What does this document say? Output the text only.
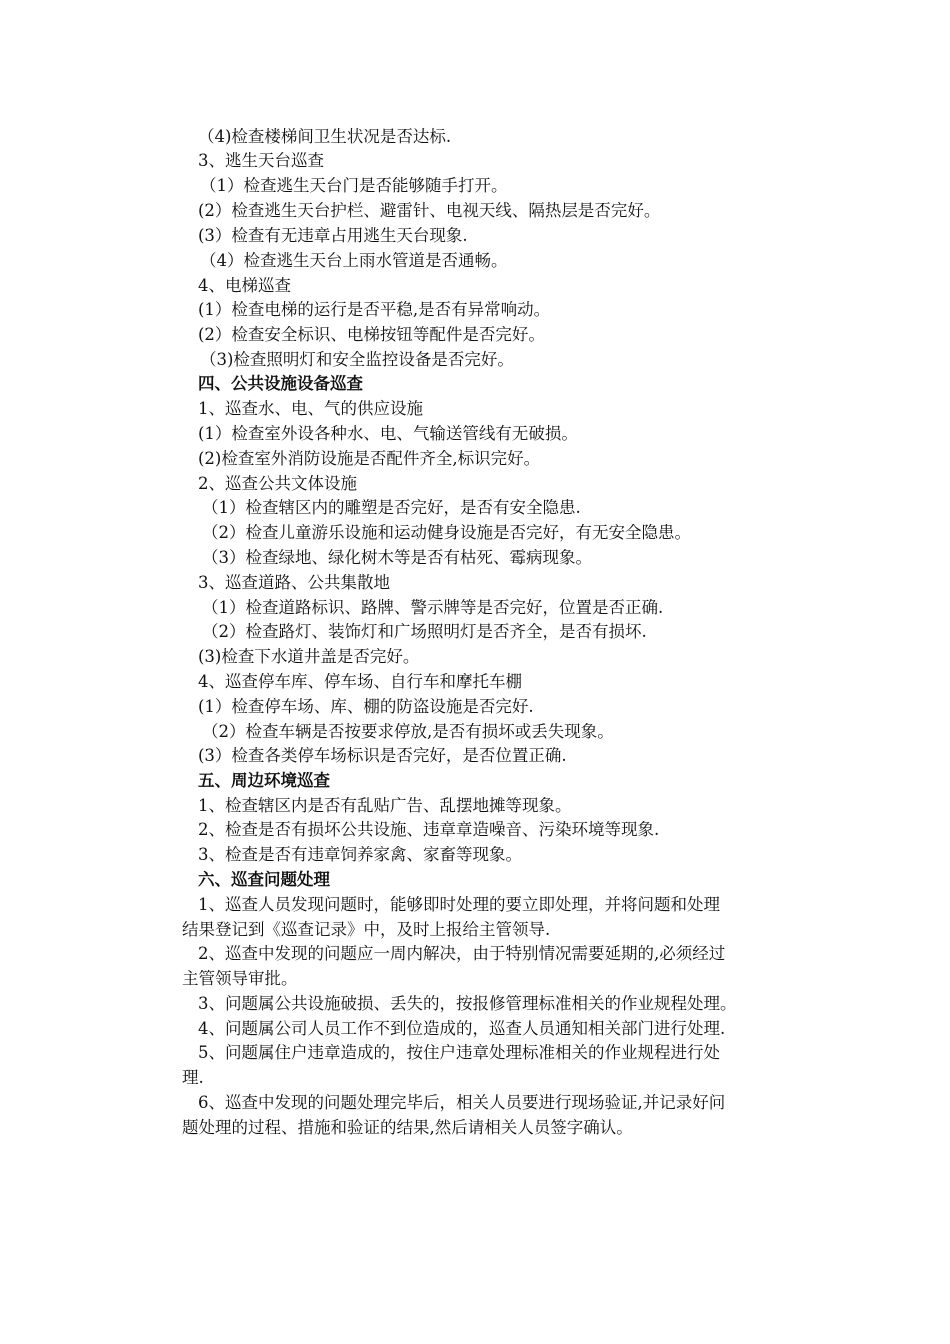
（4)检查楼梯间卫生状况是否达标.
3、逃生天台巡查
（1）检查逃生天台门是否能够随手打开。
(2）检查逃生天台护栏、避雷针、电视天线、隔热层是否完好。
(3）检查有无违章占用逃生天台现象.
（4）检查逃生天台上雨水管道是否通畅。
4、电梯巡查
(1）检查电梯的运行是否平稳,是否有异常响动。
(2）检查安全标识、电梯按钮等配件是否完好。
（3)检查照明灯和安全监控设备是否完好。
四、公共设施设备巡查
1、巡查水、电、气的供应设施
(1）检查室外设各种水、电、气输送管线有无破损。
(2)检查室外消防设施是否配件齐全,标识完好。
2、巡查公共文体设施
（1）检查辖区内的雕塑是否完好，是否有安全隐患.
（2）检查儿童游乐设施和运动健身设施是否完好，有无安全隐患。
（3）检查绿地、绿化树木等是否有枯死、霉病现象。
3、巡查道路、公共集散地
（1）检查道路标识、路牌、警示牌等是否完好，位置是否正确.
（2）检查路灯、装饰灯和广场照明灯是否齐全，是否有损坏.
(3)检查下水道井盖是否完好。
4、巡查停车库、停车场、自行车和摩托车棚
(1）检查停车场、库、棚的防盗设施是否完好.
（2）检查车辆是否按要求停放,是否有损坏或丢失现象。
(3）检查各类停车场标识是否完好，是否位置正确.
五、周边环境巡查
1、检查辖区内是否有乱贴广告、乱摆地摊等现象。
2、检查是否有损坏公共设施、违章章造噪音、污染环境等现象.
3、检查是否有违章饲养家禽、家畜等现象。
六、巡查问题处理
1、巡查人员发现问题时，能够即时处理的要立即处理，并将问题和处理
结果登记到《巡查记录》中，及时上报给主管领导.
2、巡查中发现的问题应一周内解决，由于特别情况需要延期的,必须经过
主管领导审批。
3、问题属公共设施破损、丢失的，按报修管理标准相关的作业规程处理。
4、问题属公司人员工作不到位造成的，巡查人员通知相关部门进行处理.
5、问题属住户违章造成的，按住户违章处理标准相关的作业规程进行处
理.
6、巡查中发现的问题处理完毕后，相关人员要进行现场验证,并记录好问
题处理的过程、措施和验证的结果,然后请相关人员签字确认。
